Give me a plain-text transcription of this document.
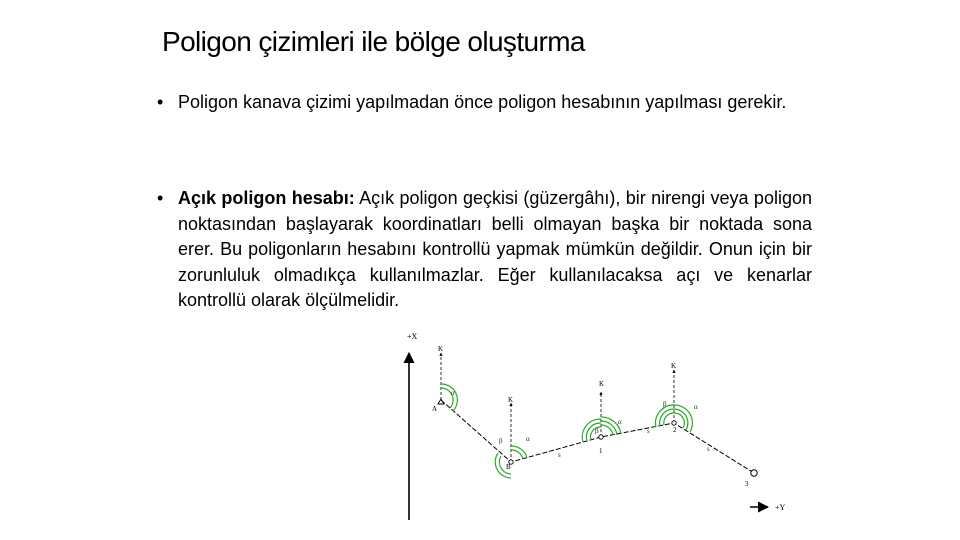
Poligon çizimleri ile bölge oluşturma
• Poligon kanava çizimi yapılmadan önce poligon hesabının yapılması gerekir.
• Açık poligon hesabı: Açık poligon geçkisi (güzergâhı), bir nirengi veya poligon noktasından başlayarak koordinatları belli olmayan başka bir noktada sona erer. Bu poligonların hesabını kontrollü yapmak mümkün değildir. Onun için bir zorunluluk olmadıkça kullanılmazlar. Eğer kullanılacaksa açı ve kenarlar kontrollü olarak ölçülmelidir.
+X
+Y
K
K
K
K
α
β	α
β
α
β	α
s
s
s
A
B
1
2
3
